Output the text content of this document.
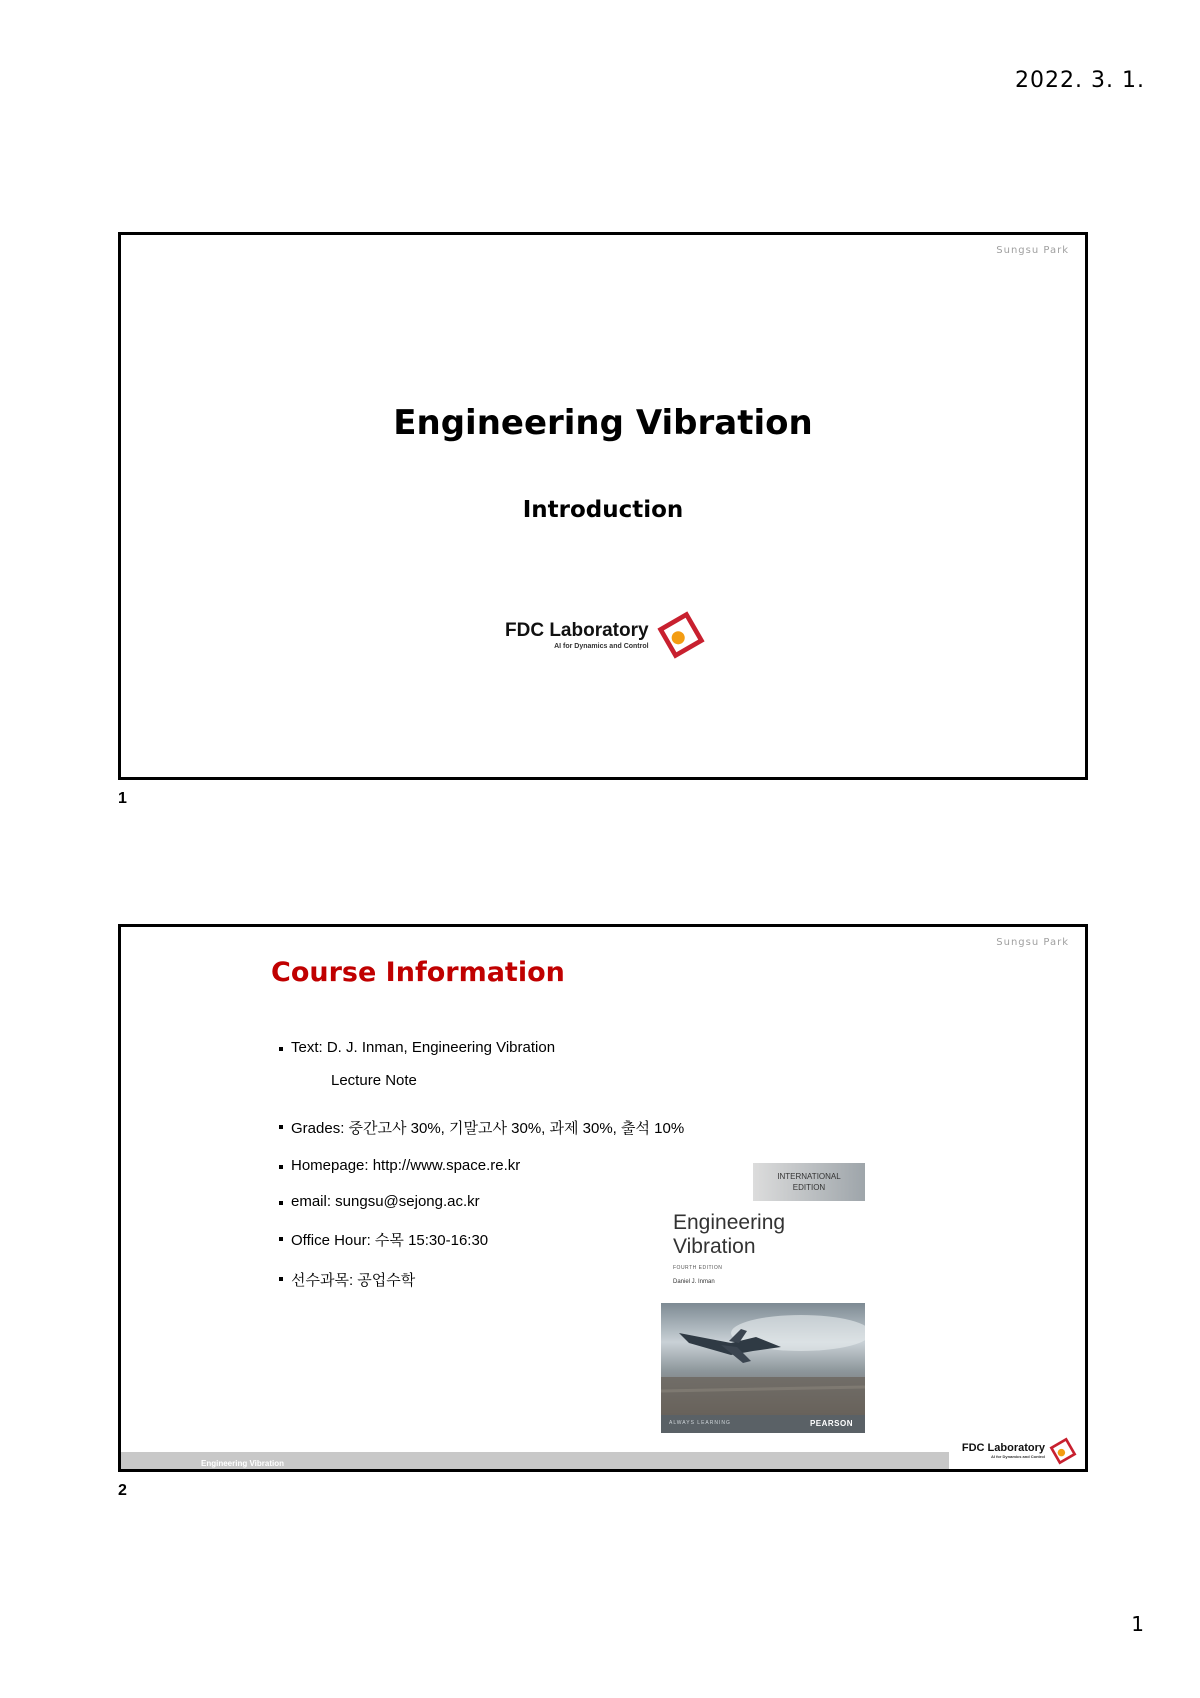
2022. 3. 1.
Sungsu Park
Engineering Vibration
Introduction
FDC Laboratory
AI for Dynamics and Control
1
Sungsu Park
Course Information
Text: D. J. Inman, Engineering Vibration
Lecture Note
Grades: 중간고사 30%, 기말고사 30%, 과제 30%, 출석 10%
Homepage: http://www.space.re.kr
email: sungsu@sejong.ac.kr
Office Hour: 수목 15:30-16:30
선수과목: 공업수학
INTERNATIONAL
EDITION
Engineering
Vibration
FOURTH EDITION
Daniel J. Inman
ALWAYS LEARNING	PEARSON
Engineering Vibration
FDC Laboratory
AI for Dynamics and Control
2
1
